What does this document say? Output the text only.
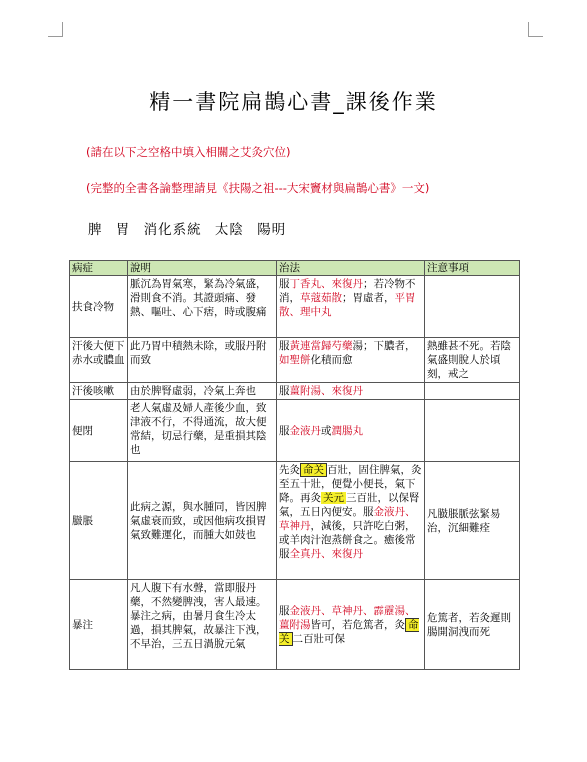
精一書院扁鵲心書_課後作業
(請在以下之空格中填入相關之艾灸穴位)
(完整的全書各論整理請見《扶陽之祖---大宋竇材與扁鵲心書》一文)
脾 胃 消化系統 太陰 陽明
病症	說明	治法	注意事項
扶食冷物	脈沉為胃氣寒，緊為冷氣盛，滑則食不消。其證頭痛、發熱、嘔吐、心下痞，時或腹痛	服丁香丸、來復丹；若冷物不消，草蔻茹散；胃虛者，平胃散、理中丸	
汗後大便下赤水或膿血	此乃胃中積熱未除，或服丹附而致	服黃連當歸芍藥湯；下膿者，如聖餅化積而愈	熱雖甚不死。若陰氣盛則脫人於頃刻，戒之
汗後咳嗽	由於脾腎虛弱，冷氣上奔也	服薑附湯、來復丹	
便閉	老人氣虛及婦人產後少血，致津液不行，不得通流，故大便常結，切忌行藥，是重損其陰也	服金液丹或潤腸丸	
臌脹	此病之源，與水腫同，皆因脾氣虛衰而致，或因他病攻損胃氣致難運化，而腫大如鼓也	先灸 命关 百壯，固住脾氣，灸至五十壯，便覺小便長，氣下降。再灸 关元 三百壯，以保腎氣，五日內便安。服金液丹、草神丹，減後，只許吃白粥，或羊肉汁泡蒸餅食之。癒後常服全真丹、來復丹	凡臌脹脈弦緊易治，沉細難痊
暴注	凡人腹下有水聲，當即服丹藥，不然變脾洩，害人最速。暴注之病，由暑月食生冷太過，損其脾氣，故暴注下洩，不早治，三五日渦脫元氣	服金液丹、草神丹、霹靂湯、薑附湯皆可，若危篤者，灸 命关 二百壯可保	危篤者，若灸遲則腸開洞洩而死
